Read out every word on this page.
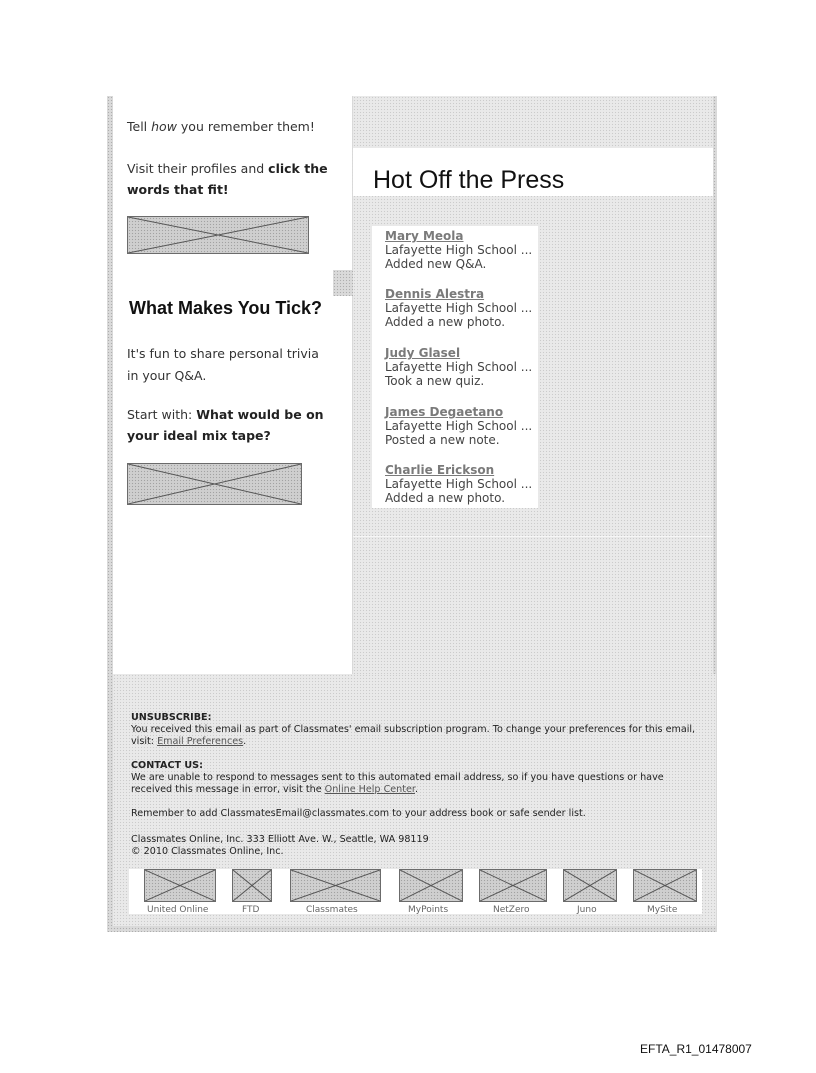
Tell how you remember them!
Visit their profiles and click the words that fit!
What Makes You Tick?
It's fun to share personal trivia in your Q&A.
Start with: What would be on your ideal mix tape?
Hot Off the Press
Mary Meola
Lafayette High School ...
Added new Q&A.
Dennis Alestra
Lafayette High School ...
Added a new photo.
Judy Glasel
Lafayette High School ...
Took a new quiz.
James Degaetano
Lafayette High School ...
Posted a new note.
Charlie Erickson
Lafayette High School ...
Added a new photo.
UNSUBSCRIBE:
You received this email as part of Classmates' email subscription program. To change your preferences for this email, visit: Email Preferences.
CONTACT US:
We are unable to respond to messages sent to this automated email address, so if you have questions or have received this message in error, visit the Online Help Center.
Remember to add ClassmatesEmail@classmates.com to your address book or safe sender list.
Classmates Online, Inc. 333 Elliott Ave. W., Seattle, WA 98119
© 2010 Classmates Online, Inc.
United Online	FTD	Classmates	MyPoints	NetZero	Juno	MySite
EFTA_R1_01478007
